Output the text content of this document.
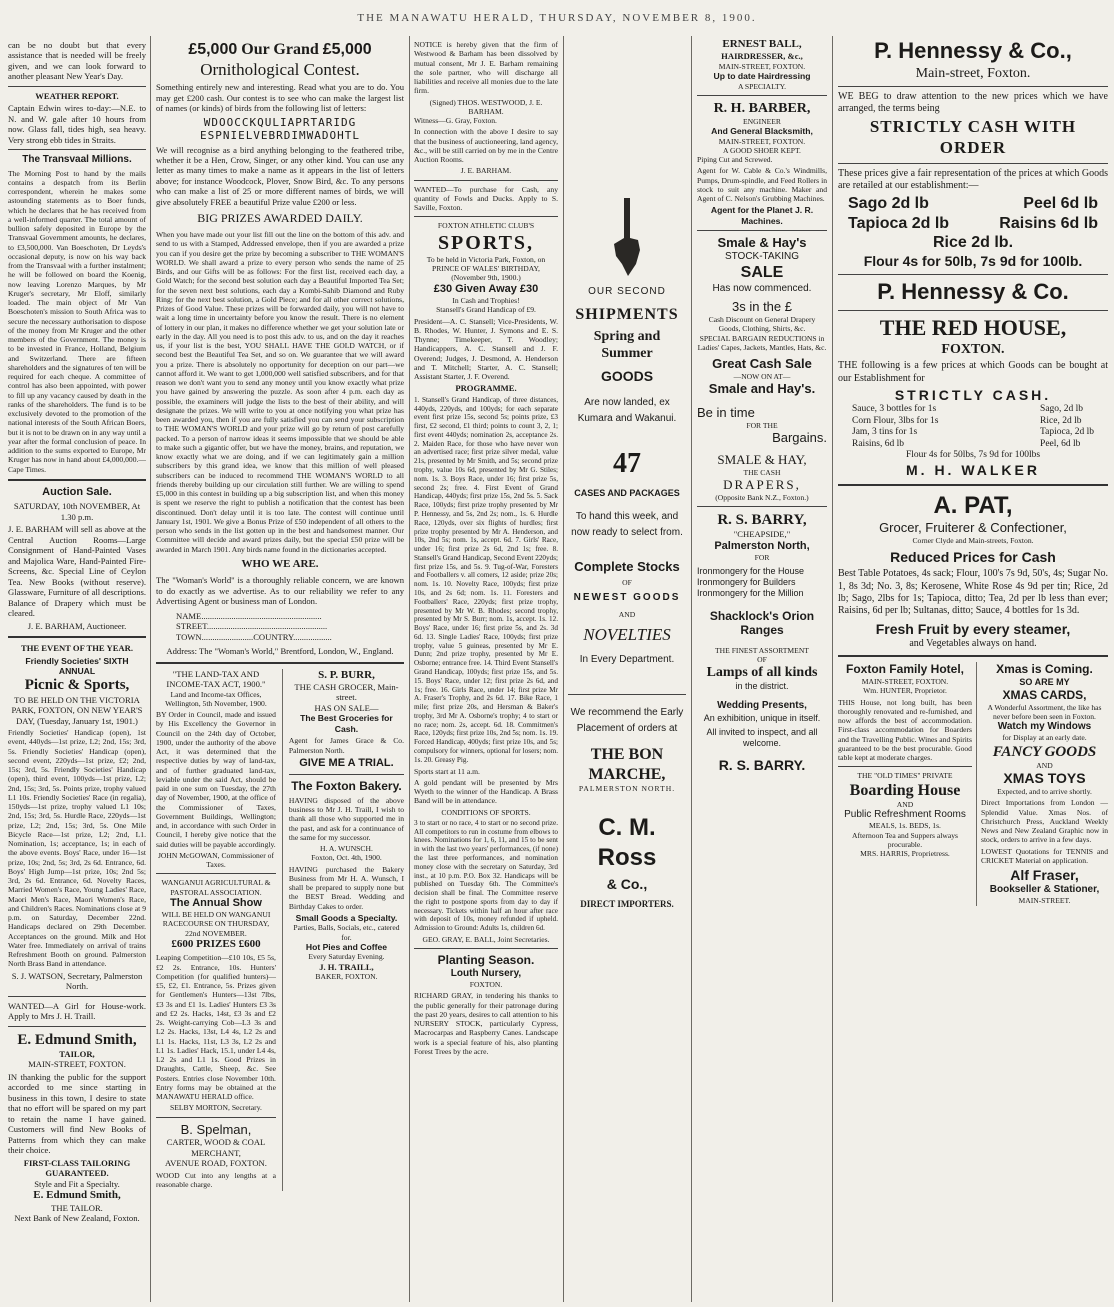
THE MANAWATU HERALD, THURSDAY, NOVEMBER 8, 1900.
can be no doubt but that every assistance that is needed will be freely given, and we can look forward to another pleasant New Year's Day.
WEATHER REPORT.
Captain Edwin wires to-day:—N.E. to N. and W. gale after 10 hours from now. Glass fall, tides high, sea heavy. Very strong ebb tides in Straits.
The Transvaal Millions.
The Morning Post to hand by the mails contains a despatch from its Berlin correspondent, wherein he makes some astounding statements as to Boer funds, which he declares that he has received from a well-informed quarter. The total amount of bullion safely deposited in Europe by the Transvaal Government amounts, he declares, to £3,500,000. Van Boeschoten, Dr Leyds's occasional deputy, is now on his way back from the Transvaal with a further instalment; he will be followed on board the Koenig, now leaving Lorenzo Marques, by Mr Kruger's secretary, Mr Eloff, similarly loaded. The main object of Mr Van Boeschoten's mission to South Africa was to secure the necessary authorisation to dispose of the money from Mr Kruger and the other members of the Government. The money is to be invested in France, Holland, Belgium and Switzerland. There are fifteen shareholders and the signatures of ten will be required for each cheque. A committee of control has also been appointed, with power to fill up any vacancy caused by death in the ranks of the shareholders. The fund is to be exclusively devoted to the promotion of the national interests of the South African Boers, but it is not to be drawn on in any way until a year after the formal conclusion of peace. In addition to the sums exported to Europe, Mr Kruger has now in hand about £4,000,000.—Cape Times.
Auction Sale.
SATURDAY, 10th NOVEMBER, At 1.30 p.m.
J. E. BARHAM will sell as above at the Central Auction Rooms—Large Consignment of Hand-Painted Vases and Majolica Ware, Hand-Painted Fire-Screens, &c. Special Line of Ceylon Tea. New Books (without reserve). Glassware, Furniture of all descriptions. Balance of Drapery which must be cleared.
J. E. BARHAM, Auctioneer.
THE EVENT OF THE YEAR.
Friendly Societies' SIXTH ANNUAL
Picnic & Sports,
TO BE HELD ON THE VICTORIA PARK, FOXTON, ON NEW YEAR'S DAY, (Tuesday, January 1st, 1901.)
Friendly Societies' Handicap (open), 1st event, 440yds—1st prize, L2; 2nd, 15s; 3rd, 5s. Friendly Societies' Handicap (open), second event, 220yds—1st prize, £2; 2nd, 15s; 3rd, 5s. Friendly Societies' Handicap (open), third event, 100yds—1st prize, L2; 2nd, 15s; 3rd, 5s. Points prize, trophy valued L1 10s. Friendly Societies' Race (in regalia), 150yds—1st prize, trophy valued L1 10s; 2nd, 15s; 3rd, 5s. Hurdle Race, 220yds—1st prize, L2; 2nd, 15s; 3rd, 5s. One Mile Bicycle Race—1st prize, L2; 2nd, L1. Nomination, 1s; acceptance, 1s; in each of the above events. Boys' Race, under 16—1st prize, 10s; 2nd, 5s; 3rd, 2s 6d. Entrance, 6d. Boys' High Jump—1st prize, 10s; 2nd 5s; 3rd, 2s 6d. Entrance, 6d. Novelty Races, Married Women's Race, Young Ladies' Race, Maori Men's Race, Maori Women's Race, and Children's Races. Nominations close at 9 p.m. on Saturday, December 22nd. Handicaps declared on 29th December. Acceptances on the ground. Milk and Hot Water free. Immediately on arrival of trains Refreshment Booth on ground. Palmerston North Brass Band in attendance.
S. J. WATSON, Secretary, Palmerston North.
WANTED—A Girl for House-work. Apply to Mrs J. H. Traill.
E. Edmund Smith,
TAILOR,
MAIN-STREET, FOXTON.
IN thanking the public for the support accorded to me since starting in business in this town, I desire to state that no effort will be spared on my part to retain the name I have gained. Customers will find New Books of Patterns from which they can make their choice.
FIRST-CLASS TAILORING GUARANTEED.
Style and Fit a Specialty.
E. Edmund Smith,
THE TAILOR.
Next Bank of New Zealand, Foxton.
£5,000 Our Grand £5,000
Ornithological Contest.
Something entirely new and interesting. Read what you are to do. You may get £200 cash. Our contest is to see who can make the largest list of names (or kinds) of birds from the following list of letters:
WDOOCCKQULIAPRTARIDG
ESPNIELVEBRDIMWADOHTL
We will recognise as a bird anything belonging to the feathered tribe, whether it be a Hen, Crow, Singer, or any other kind. You can use any letter as many times to make a name as it appears in the list of letters above; for instance Woodcock, Plover, Snow Bird, &c. To any persons who can make a list of 25 or more different names of birds, we will give absolutely FREE a beautiful Prize value £200 or less.
BIG PRIZES AWARDED DAILY.
When you have made out your list fill out the line on the bottom of this adv. and send to us with a Stamped, Addressed envelope, then if you are awarded a prize you can if you desire get the prize by becoming a subscriber to THE WOMAN'S WORLD. We shall award a prize to every person who sends the name of 25 Birds, and our Gifts will be as follows: For the first list, received each day, a Gold Watch; for the second best solution each day a Beautiful Imported Tea Set; for the seven next best solutions, each day a Kombi-Sahib Diamond and Ruby Ring; for the next best solution, a Gold Piece; and for all other correct solutions, Prizes of Good Value. These prizes will be forwarded daily, you will not have to wait a long time in uncertainty before you know the result. There is no element of lottery in our plan, it makes no difference whether we get your solution late or early in the day. All you need is to post this adv. to us, and on the day it reaches us, if your list is the best, YOU SHALL HAVE THE GOLD WATCH, or if second best the Beautiful Tea Set, and so on. We guarantee that we will award you a prize. There is absolutely no opportunity for deception on our part—we cannot afford it. We want to get 1,000,000 well satisfied subscribers, and for that reason we don't want you to send any money until you know exactly what prize you have gained by answering the puzzle. As soon after 4 p.m. each day as possible, the examiners will judge the lists to the best of their ability, and will designate the prizes. We will write to you at once notifying you what prize has been awarded you, then if you are fully satisfied you can send your subscription to THE WOMAN'S WORLD and your prize will go by return of post carefully packed. To a person of narrow ideas it seems impossible that we should be able to make such a gigantic offer, but we have the money, brains, and reputation, we know exactly what we are doing, and if we can legitimately gain a million subscribers by this grand idea, we know that this million of well pleased subscribers can be induced to recommend THE WOMAN'S WORLD to all friends thereby building up our circulation still further. We are willing to spend £5,000 in this contest in building up a big subscription list, and when this money is spent we reserve the right to publish a notification that the contest has been discontinued. Don't delay until it is too late. The contest will continue until January 1st, 1901. We give a Bonus Prize of £50 independent of all others to the person who sends in the list gotten up in the best and handsomest manner. Our Committee will decide and award prizes daily, but the special £50 prize will be awarded in March 1901. Any birds name found in the dictionaries accepted.
WHO WE ARE.
The "Woman's World" is a thoroughly reliable concern, we are known to do exactly as we advertise. As to our reliability we refer to any Advertising Agent or business man of London.
NAME........................................................
STREET........................................................
TOWN........................COUNTRY..................
Address: The "Woman's World," Brentford, London, W., England.
"THE LAND-TAX AND INCOME-TAX ACT, 1900."
Land and Income-tax Offices, Wellington, 5th November, 1900.
BY Order in Council, made and issued by His Excellency the Governor in Council on the 24th day of October, 1900, under the authority of the above Act, it was determined that the respective duties by way of land-tax, and of further graduated land-tax, leviable under the said Act, should be paid in one sum on Tuesday, the 27th day of November, 1900, at the office of the Commissioner of Taxes, Government Buildings, Wellington; and, in accordance with such Order in Council, I hereby give notice that the said duties will be payable accordingly.
JOHN McGOWAN, Commissioner of Taxes.
WANGANUI AGRICULTURAL & PASTORAL ASSOCIATION.
The Annual Show
WILL BE HELD ON WANGANUI RACECOURSE ON THURSDAY, 22nd NOVEMBER.
£600 PRIZES £600
Leaping Competition—£10 10s, £5 5s, £2 2s. Entrance, 10s. Hunters' Competition (for qualified hunters)—£5, £2, £1. Entrance, 5s. Prizes given for Gentlemen's Hunters—13st 7lbs, £3 3s and £1 1s. Ladies' Hunters £3 3s and £2 2s. Hacks, 14st, £3 3s and £2 2s. Weight-carrying Cob—L3 3s and L2 2s. Hacks, 13st, L4 4s, L2 2s and L1 1s. Hacks, 11st, L3 3s, L2 2s and L1 1s. Ladies' Hack, 15.1, under L4 4s, L2 2s and L1 1s. Good Prizes in Draughts, Cattle, Sheep, &c. See Posters. Entries close November 10th. Entry forms may be obtained at the MANAWATU HERALD office.
SELBY MORTON, Secretary.
B. Spelman,
CARTER, WOOD & COAL MERCHANT,
AVENUE ROAD, FOXTON.
WOOD Cut into any lengths at a reasonable charge.
S. P. BURR,
THE CASH GROCER, Main-street.
HAS ON SALE—
The Best Groceries for Cash.
Agent for James Grace & Co. Palmerston North.
GIVE ME A TRIAL.
The Foxton Bakery.
HAVING disposed of the above business to Mr J. H. Traill, I wish to thank all those who supported me in the past, and ask for a continuance of the same for my successor.
H. A. WUNSCH.
Foxton, Oct. 4th, 1900.
HAVING purchased the Bakery Business from Mr H. A. Wunsch, I shall be prepared to supply none but the BEST Bread. Wedding and Birthday Cakes to order.
Small Goods a Specialty.
Parties, Balls, Socials, etc., catered for.
Hot Pies and Coffee
Every Saturday Evening.
J. H. TRAILL,
BAKER, FOXTON.
NOTICE is hereby given that the firm of Westwood & Barham has been dissolved by mutual consent, Mr J. E. Barham remaining the sole partner, who will discharge all liabilities and receive all monies due to the late firm.
(Signed) THOS. WESTWOOD, J. E. BARHAM.
Witness—G. Gray, Foxton.
In connection with the above I desire to say that the business of auctioneering, land agency, &c., will be still carried on by me in the Centre Auction Rooms.
J. E. BARHAM.
WANTED—To purchase for Cash, any quantity of Fowls and Ducks. Apply to S. Saville, Foxton.
FOXTON ATHLETIC CLUB'S
SPORTS,
To be held in Victoria Park, Foxton, on PRINCE OF WALES' BIRTHDAY, (November 9th, 1900.)
£30 Given Away £30
In Cash and Trophies!
Stansell's Grand Handicap of £9.
President—A. C. Stansell; Vice-Presidents, W. B. Rhodes, W. Hunter, J. Symons and E. S. Thynne; Timekeeper, T. Woodley; Handicappers, A. C. Stansell and J. F. Overend; Judges, J. Desmond, A. Henderson and T. Mitchell; Starter, A. C. Stansell; Assistant Starter, J. F. Overend.
PROGRAMME.
1. Stansell's Grand Handicap, of three distances, 440yds, 220yds, and 100yds; for each separate event first prize 15s, second 5s; points prize, £3 first, £2 second, £1 third; points to count 3, 2, 1; first event 440yds; nomination 2s, acceptance 2s. 2. Maiden Race, for those who have never won an advertised race; first prize silver medal, value 21s, presented by Mr Smith, and 5s; second prize trophy, value 10s 6d, presented by Mr G. Stiles; nom. 1s. 3. Boys Race, under 16; first prize 5s, second 2s; free. 4. First Event of Grand Handicap, 440yds; first prize 15s, 2nd 5s. 5. Sack Race, 100yds; first prize trophy presented by Mr P. Hennessy, and 5s, 2nd 2s; nom., 1s. 6. Hurdle Race, 120yds, over six flights of hurdles; first prize trophy presented by Mr A. Henderson, and 10s, 2nd 5s; nom. 1s, accept. 6d. 7. Girls' Race, under 16; first prize 2s 6d, 2nd 1s; free. 8. Stansell's Grand Handicap, Second Event 220yds; first prize 15s, and 5s. 9. Tug-of-War, Foresters and Footballers v. all comers, 12 aside; prize 20s; nom. 1s. 10. Novelty Race, 100yds; first prize 10s, and 2s 6d; nom. 1s. 11. Foresters and Footballers' Race, 220yds; first prize trophy, presented by Mr W. B. Rhodes; second trophy, presented by Mr S. Burr; nom. 1s, accept. 1s. 12. Boys' Race, under 16; first prize 5s, and 2s. 3d 6d. 13. Single Ladies' Race, 100yds; first prize trophy, value 5 guineas, presented by Mr E. Dunn; 2nd prize trophy, presented by Mr E. Osborne; entrance free. 14. Third Event Stansell's Grand Handicap, 100yds; first prize 15s, and 5s. 15. Boys' Race, under 12; first prize 2s 6d, and 1s; free. 16. Girls Race, under 14; first prize Mr A. Fraser's Trophy, and 2s 6d. 17. Bike Race, 1 mile; first prize 20s, and Hersman & Baker's trophy, 3rd Mr A. Osborne's trophy; 4 to start or no race; nom. 2s, accept. 6d. 18. Commitmen's Race, 120yds; first prize 10s, 2nd 5s; nom. 1s. 19. Forced Handicap, 400yds; first prize 10s, and 5s; compulsory for winners, optional for losers; nom. 1s. 20. Greasy Pig.
Sports start at 11 a.m.
A gold pendant will be presented by Mrs Wyeth to the winner of the Handicap. A Brass Band will be in attendance.
CONDITIONS OF SPORTS.
3 to start or no race, 4 to start or no second prize. All competitors to run in costume from elbows to knees. Nominations for 1, 6, 11, and 15 to be sent in with the last two years' performances, (if none) the last three performances, and nomination money close with the secretary on Saturday, 3rd inst., at 10 p.m. P.O. Box 32. Handicaps will be published on Tuesday 6th. The Committee's decision shall be final. The Committee reserve the right to postpone sports from day to day if necessary. Tickets within half an hour after race with deposit of 10s, money refunded if upheld. Admission to Ground: Adults 1s, children 6d.
GEO. GRAY, E. BALL, Joint Secretaries.
Planting Season.
Louth Nursery,
FOXTON.
RICHARD GRAY, in tendering his thanks to the public generally for their patronage during the past 20 years, desires to call attention to his NURSERY STOCK, particularly Cypress, Macrocarpas and Raspberry Canes. Landscape work is a special feature of his, also planting Forest Trees by the acre.
OUR SECOND
SHIPMENTS
Spring and Summer
GOODS
Are now landed, ex Kumara and Wakanui.
47
CASES AND PACKAGES
To hand this week, and now ready to select from.
Complete Stocks
OF
NEWEST GOODS
AND
NOVELTIES
In Every Department.
We recommend the Early Placement of orders at
THE BON MARCHE,
PALMERSTON NORTH.
C. M. Ross
& Co.,
DIRECT IMPORTERS.
ERNEST BALL,
HAIRDRESSER, &c.,
MAIN-STREET, FOXTON.
Up to date Hairdressing
A SPECIALTY.
R. H. BARBER,
ENGINEER
And General Blacksmith,
MAIN-STREET, FOXTON.
A GOOD SHOER KEPT.
Piping Cut and Screwed.
Agent for W. Cable & Co.'s Windmills, Pumps, Drum-spindle, and Feed Rollers in stock to suit any machine. Maker and Agent of C. Nelson's Grubbing Machines.
Agent for the Planet J. R. Machines.
Smale & Hay's
STOCK-TAKING
SALE
Has now commenced.
3s in the £
Cash Discount on General Drapery Goods, Clothing, Shirts, &c.
SPECIAL BARGAIN REDUCTIONS in Ladies' Capes, Jackets, Mantles, Hats, &c.
Great Cash Sale
—NOW ON AT—
Smale and Hay's.
Be in time
FOR THE
Bargains.
SMALE & HAY,
THE CASH
DRAPERS,
(Opposite Bank N.Z., Foxton.)
R. S. BARRY,
"CHEAPSIDE,"
Palmerston North,
FOR
Ironmongery for the House
Ironmongery for Builders
Ironmongery for the Million
Shacklock's Orion Ranges
THE FINEST ASSORTMENT
OF
Lamps of all kinds
in the district.
Wedding Presents,
An exhibition, unique in itself.
All invited to inspect, and all welcome.
R. S. BARRY.
P. Hennessy & Co.,
Main-street, Foxton.
WE BEG to draw attention to the new prices which we have arranged, the terms being
STRICTLY CASH WITH ORDER
These prices give a fair representation of the prices at which Goods are retailed at our establishment:—
Sago 2d lb	Peel 6d lb
Tapioca 2d lb	Raisins 6d lb
Rice 2d lb.
Flour 4s for 50lb, 7s 9d for 100lb.
P. Hennessy & Co.
THE RED HOUSE,
FOXTON.
THE following is a few prices at which Goods can be bought at our Establishment for
STRICTLY CASH.
Sauce, 3 bottles for 1s
Corn Flour, 3lbs for 1s
Jam, 3 tins for 1s
Raisins, 6d lb
Sago, 2d lb
Rice, 2d lb
Tapioca, 2d lb
Peel, 6d lb
Flour 4s for 50lbs, 7s 9d for 100lbs
M. H. WALKER
A. PAT,
Grocer, Fruiterer & Confectioner,
Corner Clyde and Main-streets, Foxton.
Reduced Prices for Cash
Best Table Potatoes, 4s sack; Flour, 100's 7s 9d, 50's, 4s; Sugar No. 1, 8s 3d; No. 3, 8s; Kerosene, White Rose 4s 9d per tin; Rice, 2d lb; Sago, 2lbs for 1s; Tapioca, ditto; Tea, 2d per lb less than ever; Raisins, 6d per lb; Sultanas, ditto; Sauce, 4 bottles for 1s 3d.
Fresh Fruit by every steamer,
and Vegetables always on hand.
Foxton Family Hotel,
MAIN-STREET, FOXTON.
Wm. HUNTER, Proprietor.
THIS House, not long built, has been thoroughly renovated and re-furnished, and now affords the best of accommodation. First-class accommodation for Boarders and the Travelling Public. Wines and Spirits guaranteed to be the best procurable. Good table kept at moderate charges.
THE "OLD TIMES" PRIVATE
Boarding House
AND
Public Refreshment Rooms
MEALS, 1s. BEDS, 1s.
Afternoon Tea and Suppers always procurable.
MRS. HARRIS, Proprietress.
Xmas is Coming.
SO ARE MY
XMAS CARDS,
A Wonderful Assortment, the like has never before been seen in Foxton.
Watch my Windows
for Display at an early date.
FANCY GOODS
AND
XMAS TOYS
Expected, and to arrive shortly.
Direct Importations from London —Splendid Value. Xmas Nos. of Christchurch Press, Auckland Weekly News and New Zealand Graphic now in stock, orders to arrive in a few days.
LOWEST Quotations for TENNIS and CRICKET Material on application.
Alf Fraser,
Bookseller & Stationer,
MAIN-STREET.
